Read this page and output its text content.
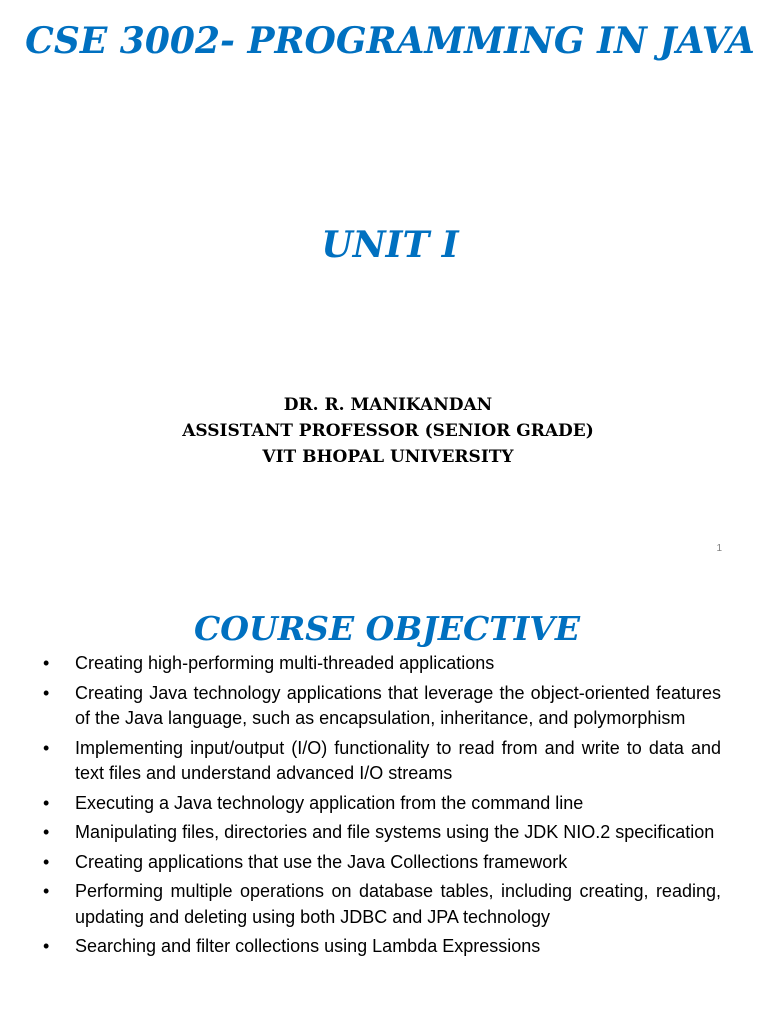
CSE 3002- PROGRAMMING IN JAVA
UNIT I
DR. R. MANIKANDAN
ASSISTANT PROFESSOR (SENIOR GRADE)
VIT BHOPAL UNIVERSITY
1
COURSE OBJECTIVE
• Creating high-performing multi-threaded applications
• Creating Java technology applications that leverage the object-oriented features of the Java language, such as encapsulation, inheritance, and polymorphism
• Implementing input/output (I/O) functionality to read from and write to data and text files and understand advanced I/O streams
• Executing a Java technology application from the command line
• Manipulating files, directories and file systems using the JDK NIO.2 specification
• Creating applications that use the Java Collections framework
• Performing multiple operations on database tables, including creating, reading, updating and deleting using both JDBC and JPA technology
• Searching and filter collections using Lambda Expressions
